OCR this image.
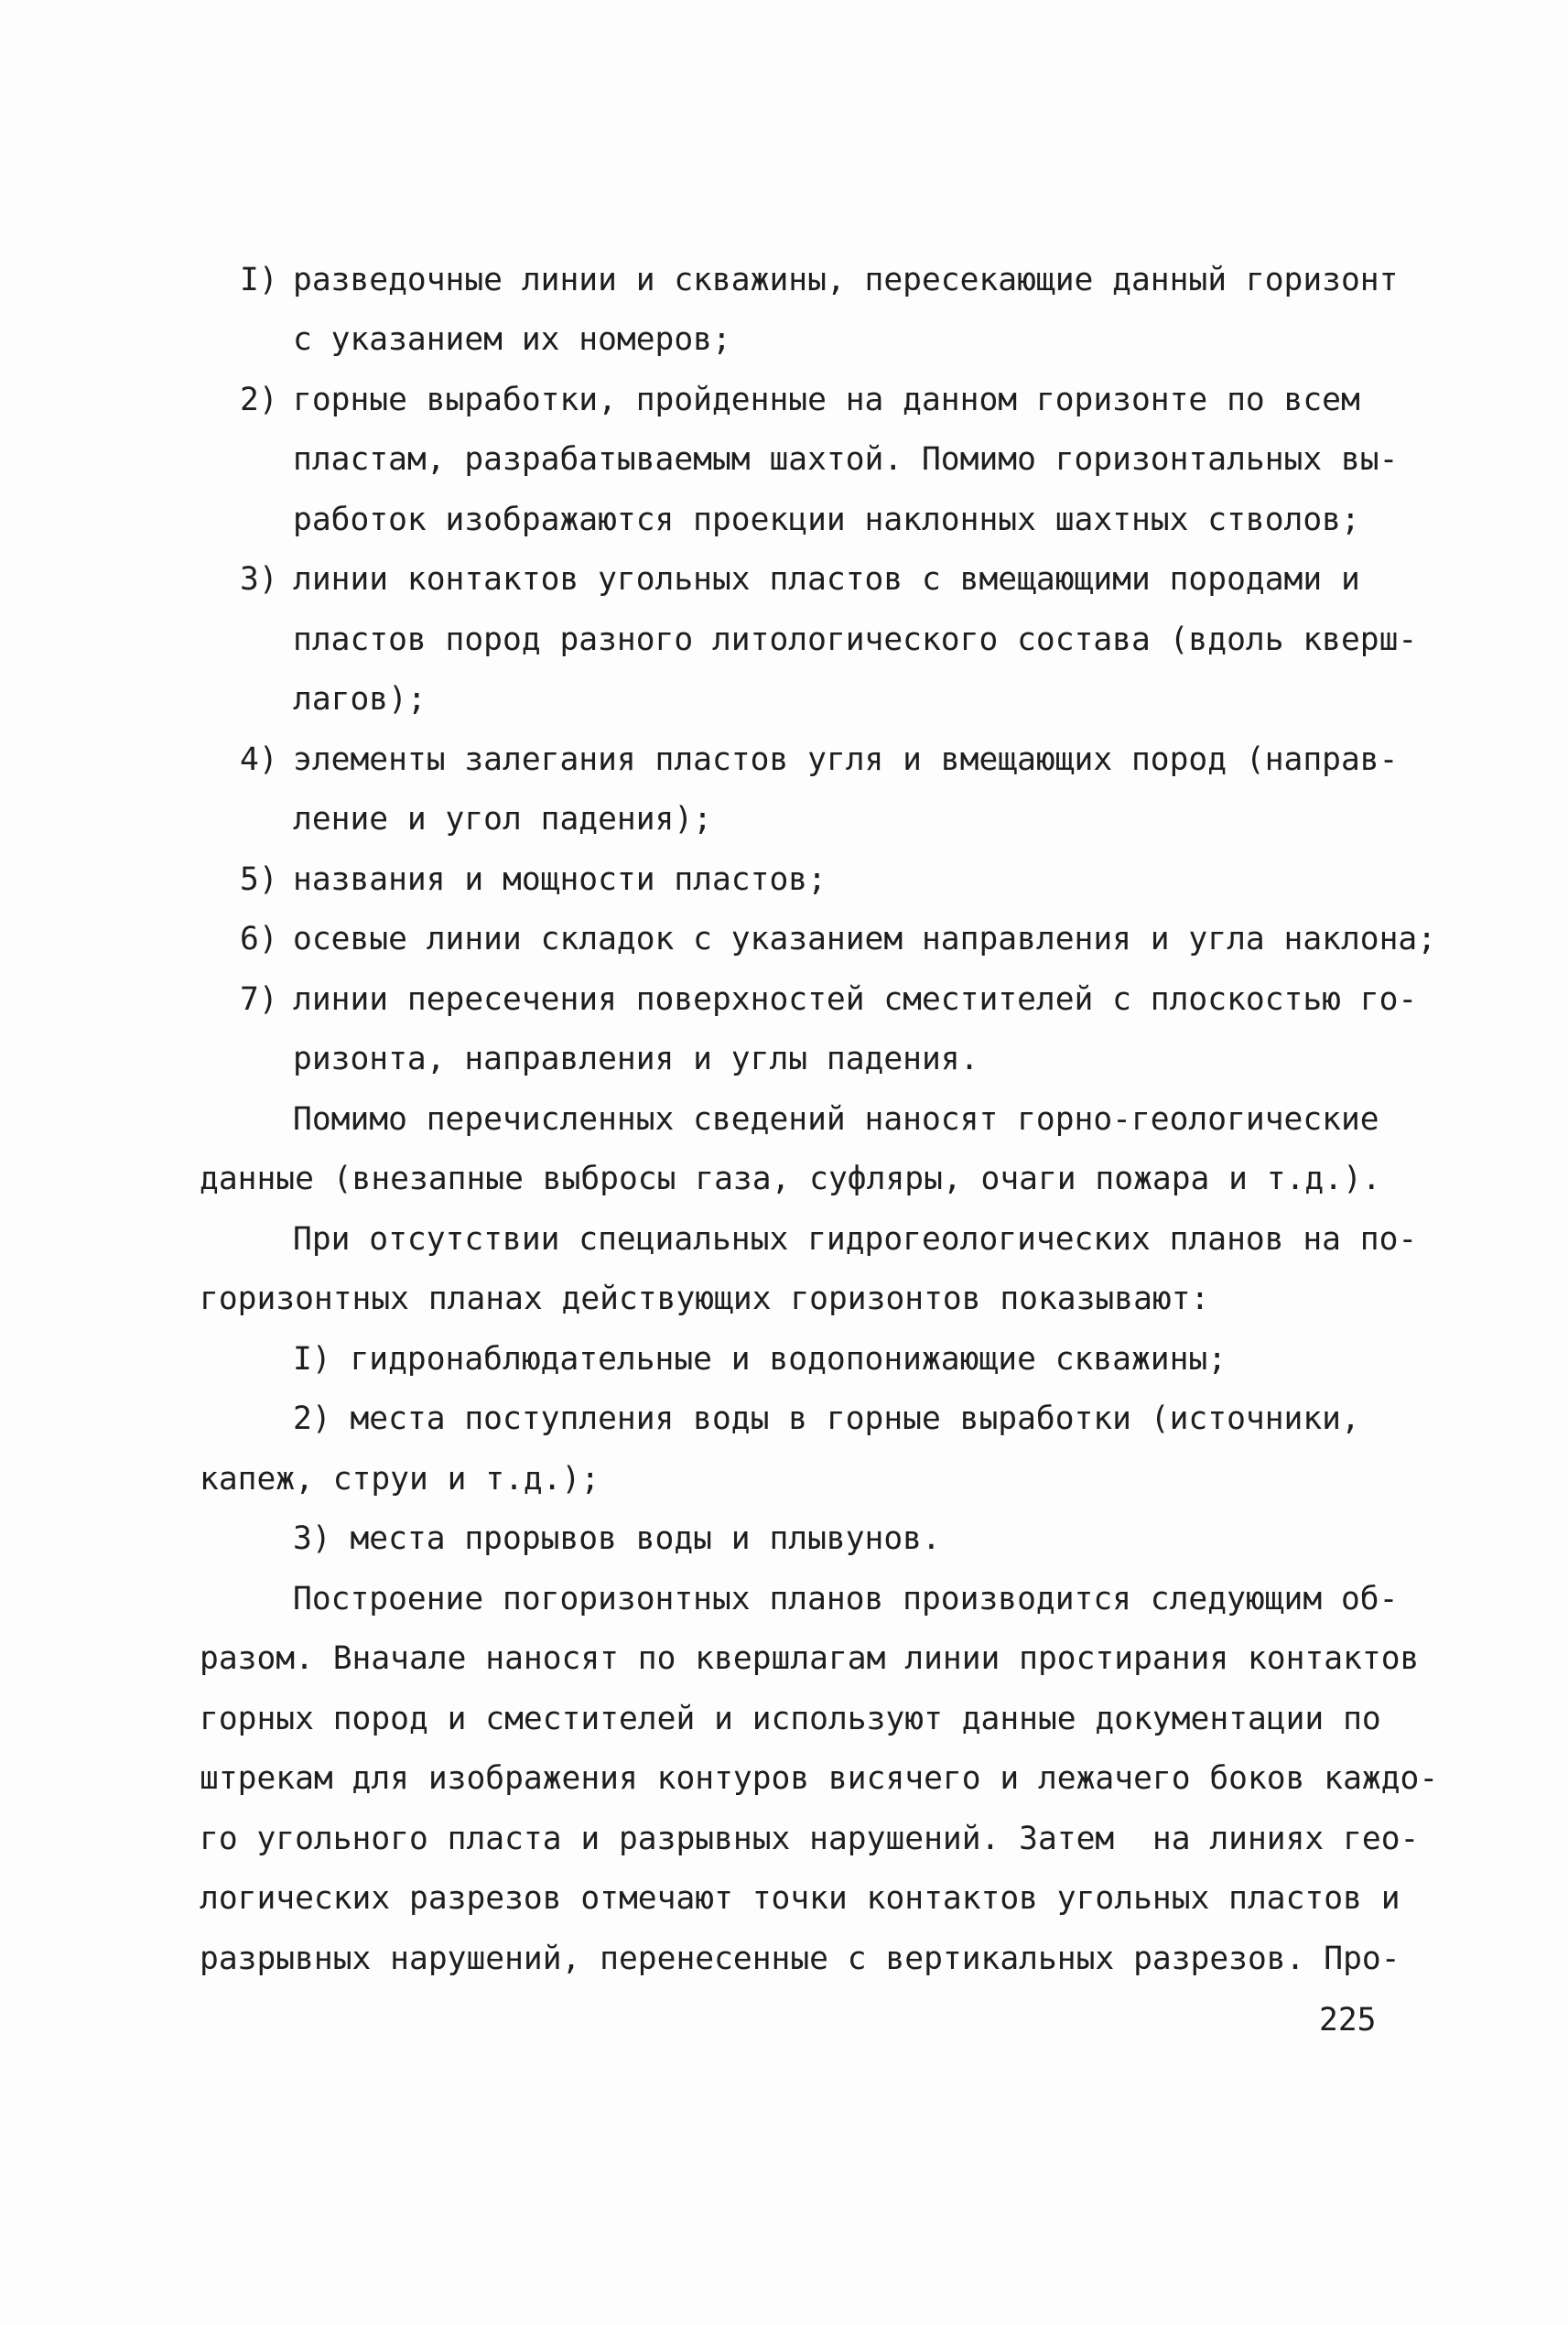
I) разведочные линии и скважины, пересекающие данный горизонт
с указанием их номеров;
2) горные выработки, пройденные на данном горизонте по всем
пластам, разрабатываемым шахтой. Помимо горизонтальных вы-
работок изображаются проекции наклонных шахтных стволов;
3) линии контактов угольных пластов с вмещающими породами и
пластов пород разного литологического состава (вдоль кверш-
лагов);
4) элементы залегания пластов угля и вмещающих пород (направ-
ление и угол падения);
5) названия и мощности пластов;
6) осевые линии складок с указанием направления и угла наклона;
7) линии пересечения поверхностей сместителей с плоскостью го-
ризонта, направления и углы падения.
Помимо перечисленных сведений наносят горно-геологические
данные (внезапные выбросы газа, суфляры, очаги пожара и т.д.).
При отсутствии специальных гидрогеологических планов на по-
горизонтных планах действующих горизонтов показывают:
I) гидронаблюдательные и водопонижающие скважины;
2) места поступления воды в горные выработки (источники,
капеж, струи и т.д.);
3) места прорывов воды и плывунов.
Построение погоризонтных планов производится следующим об-
разом. Вначале наносят по квершлагам линии простирания контактов
горных пород и сместителей и используют данные документации по
штрекам для изображения контуров висячего и лежачего боков каждо-
го угольного пласта и разрывных нарушений. Затем  на линиях гео-
логических разрезов отмечают точки контактов угольных пластов и
разрывных нарушений, перенесенные с вертикальных разрезов. Про-
225
